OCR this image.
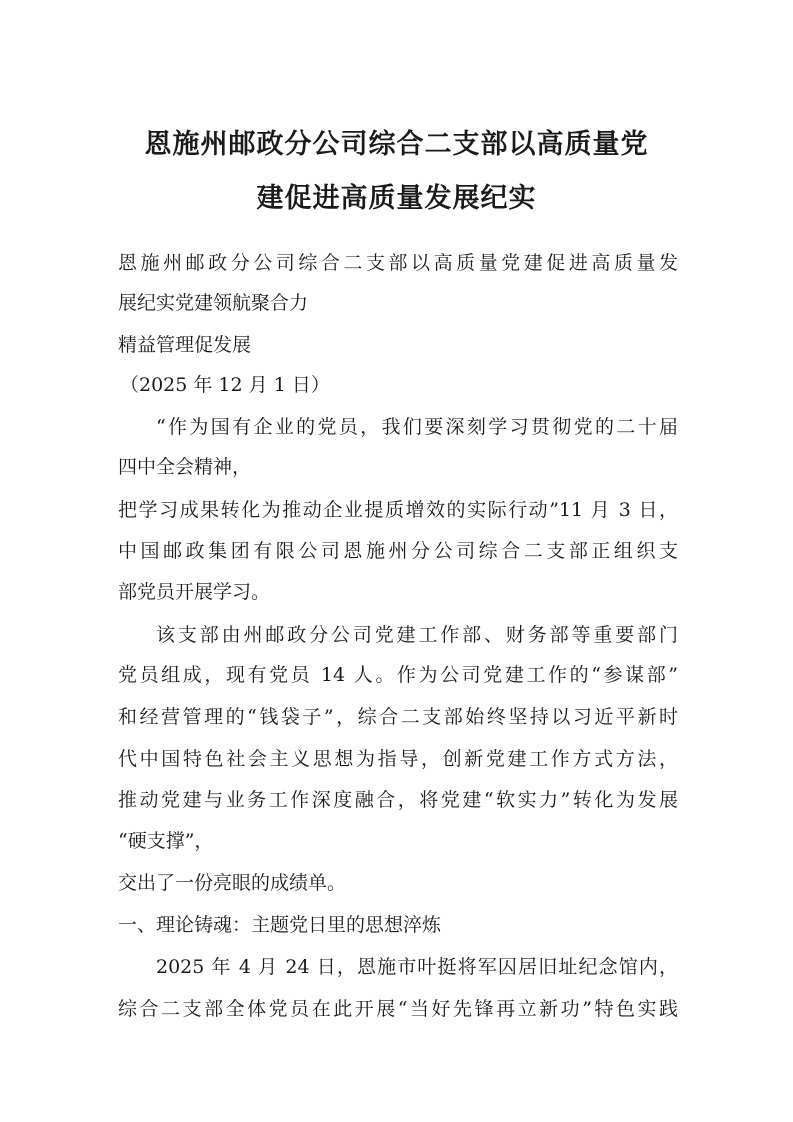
恩施州邮政分公司综合二支部以高质量党
建促进高质量发展纪实
恩施州邮政分公司综合二支部以高质量党建促进高质量发
展纪实党建领航聚合力
精益管理促发展
（2025 年 12 月 1 日）
“作为国有企业的党员，我们要深刻学习贯彻党的二十届
四中全会精神，
把学习成果转化为推动企业提质增效的实际行动”11 月 3 日，
中国邮政集团有限公司恩施州分公司综合二支部正组织支
部党员开展学习。
该支部由州邮政分公司党建工作部、财务部等重要部门
党员组成，现有党员 14 人。作为公司党建工作的“参谋部”
和经营管理的“钱袋子”，综合二支部始终坚持以习近平新时
代中国特色社会主义思想为指导，创新党建工作方式方法，
推动党建与业务工作深度融合，将党建“软实力”转化为发展
“硬支撑”，
交出了一份亮眼的成绩单。
一、理论铸魂：主题党日里的思想淬炼
2025 年 4 月 24 日，恩施市叶挺将军囚居旧址纪念馆内，
综合二支部全体党员在此开展“当好先锋再立新功”特色实践
